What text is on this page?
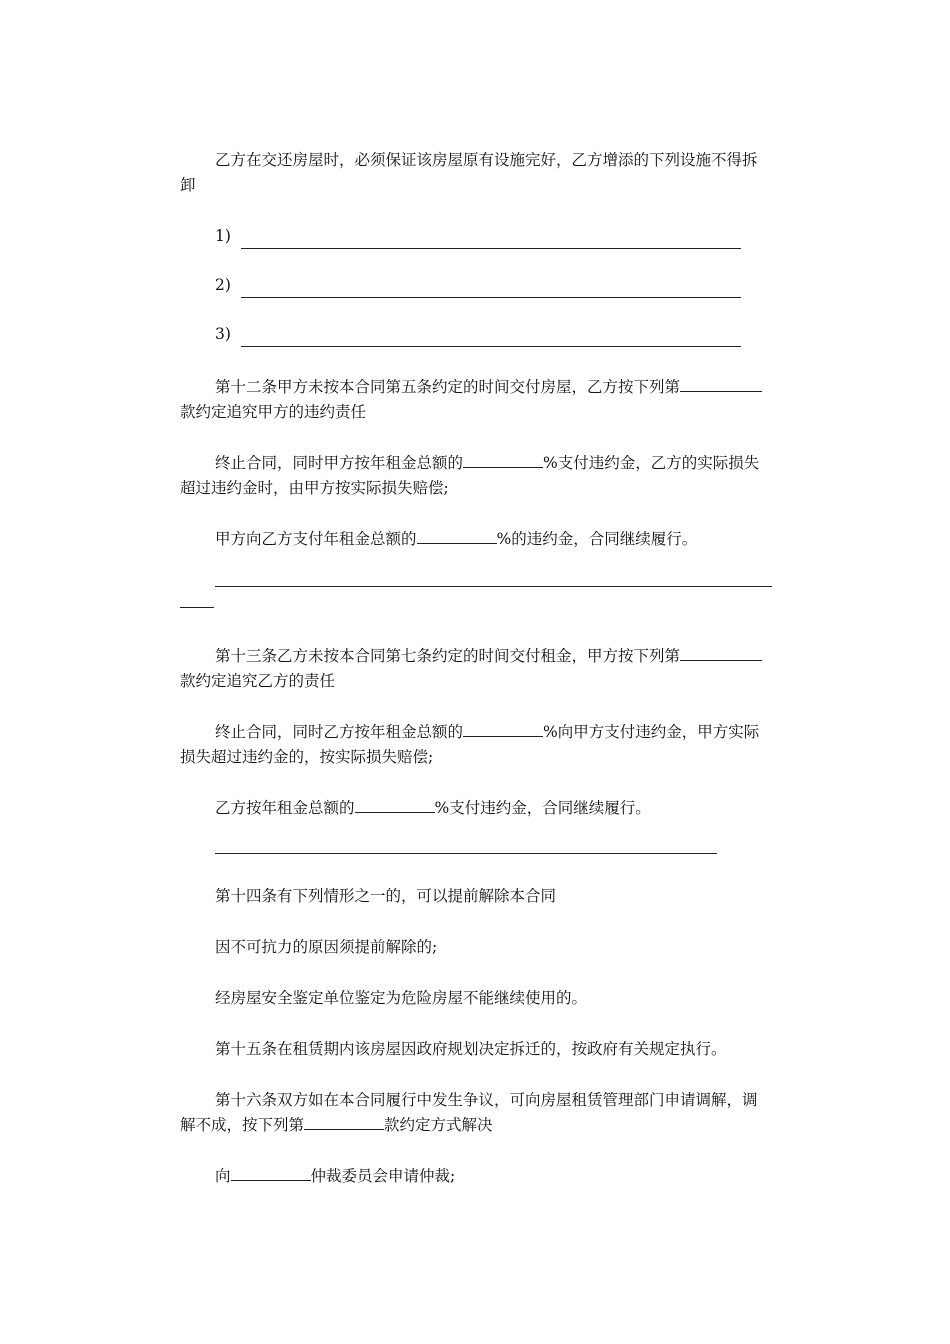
乙方在交还房屋时，必须保证该房屋原有设施完好，乙方增添的下列设施不得拆卸

1)
2)
3)

第十二条甲方未按本合同第五条约定的时间交付房屋，乙方按下列第款约定追究甲方的违约责任

终止合同，同时甲方按年租金总额的	%支付违约金，乙方的实际损失超过违约金时，由甲方按实际损失赔偿;

甲方向乙方支付年租金总额的	%的违约金，合同继续履行。

第十三条乙方未按本合同第七条约定的时间交付租金，甲方按下列第款约定追究乙方的责任

终止合同，同时乙方按年租金总额的	%向甲方支付违约金，甲方实际损失超过违约金的，按实际损失赔偿;

乙方按年租金总额的	%支付违约金，合同继续履行。

第十四条有下列情形之一的，可以提前解除本合同

因不可抗力的原因须提前解除的;

经房屋安全鉴定单位鉴定为危险房屋不能继续使用的。

第十五条在租赁期内该房屋因政府规划决定拆迁的，按政府有关规定执行。

第十六条双方如在本合同履行中发生争议，可向房屋租赁管理部门申请调解，调解不成，按下列第	款约定方式解决

向	仲裁委员会申请仲裁;
